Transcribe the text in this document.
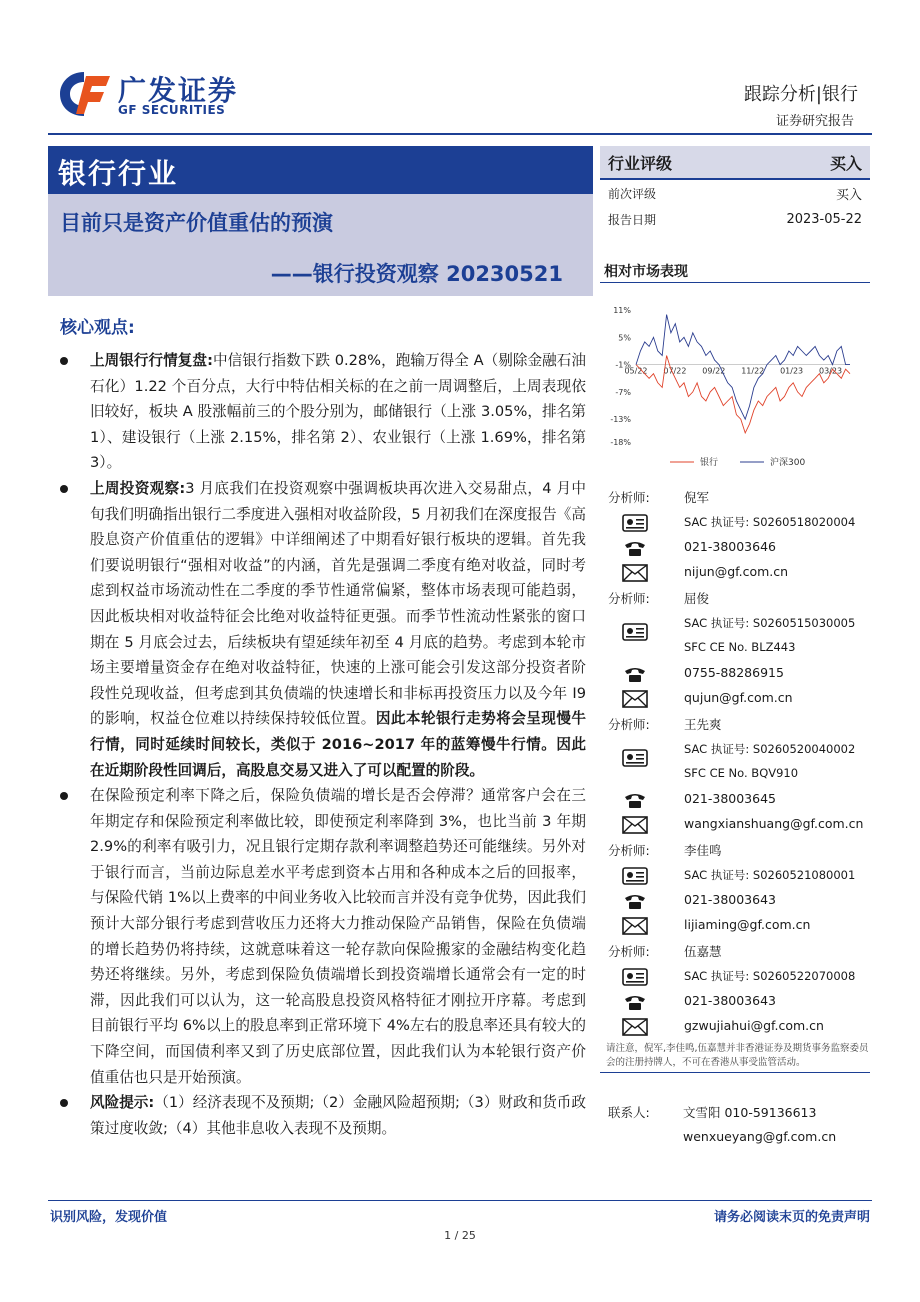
广发证券
GF SECURITIES
跟踪分析|银行
证券研究报告
银行行业
目前只是资产价值重估的预演
——银行投资观察 20230521
行业评级	买入
前次评级	买入
报告日期	2023-05-22
相对市场表现
11%
5%
-1%
-7%
-13%
-18%
05/22 07/22 09/22 11/22 01/23 03/23
银行	沪深300
分析师:	倪军
SAC 执证号: S0260518020004
021-38003646
nijun@gf.com.cn
分析师:	屈俊
SAC 执证号: S0260515030005
SFC CE No. BLZ443
0755-88286915
qujun@gf.com.cn
分析师:	王先爽
SAC 执证号: S0260520040002
SFC CE No. BQV910
021-38003645
wangxianshuang@gf.com.cn
分析师:	李佳鸣
SAC 执证号: S0260521080001
021-38003643
lijiaming@gf.com.cn
分析师:	伍嘉慧
SAC 执证号: S0260522070008
021-38003643
gzwujiahui@gf.com.cn
请注意，倪军,李佳鸣,伍嘉慧并非香港证券及期货事务监察委员会的注册持牌人，不可在香港从事受监管活动。
联系人:	文雪阳 010-59136613
wenxueyang@gf.com.cn
核心观点:

上周银行行情复盘:中信银行指数下跌 0.28%，跑输万得全 A（剔除金融石油石化）1.22 个百分点，大行中特估相关标的在之前一周调整后，上周表现依旧较好，板块 A 股涨幅前三的个股分别为，邮储银行（上涨 3.05%，排名第 1）、建设银行（上涨 2.15%，排名第 2）、农业银行（上涨 1.69%，排名第 3）。

上周投资观察:3 月底我们在投资观察中强调板块再次进入交易甜点，4 月中旬我们明确指出银行二季度进入强相对收益阶段，5 月初我们在深度报告《高股息资产价值重估的逻辑》中详细阐述了中期看好银行板块的逻辑。首先我们要说明银行“强相对收益”的内涵，首先是强调二季度有绝对收益，同时考虑到权益市场流动性在二季度的季节性通常偏紧，整体市场表现可能趋弱，因此板块相对收益特征会比绝对收益特征更强。而季节性流动性紧张的窗口期在 5 月底会过去，后续板块有望延续年初至 4 月底的趋势。考虑到本轮市场主要增量资金存在绝对收益特征，快速的上涨可能会引发这部分投资者阶段性兑现收益，但考虑到其负债端的快速增长和非标再投资压力以及今年 I9 的影响，权益仓位难以持续保持较低位置。因此本轮银行走势将会呈现慢牛行情，同时延续时间较长，类似于 2016~2017 年的蓝筹慢牛行情。因此在近期阶段性回调后，高股息交易又进入了可以配置的阶段。

在保险预定利率下降之后，保险负债端的增长是否会停滞？通常客户会在三年期定存和保险预定利率做比较，即使预定利率降到 3%，也比当前 3 年期 2.9%的利率有吸引力，况且银行定期存款利率调整趋势还可能继续。另外对于银行而言，当前边际息差水平考虑到资本占用和各种成本之后的回报率，与保险代销 1%以上费率的中间业务收入比较而言并没有竞争优势，因此我们预计大部分银行考虑到营收压力还将大力推动保险产品销售，保险在负债端的增长趋势仍将持续，这就意味着这一轮存款向保险搬家的金融结构变化趋势还将继续。另外，考虑到保险负债端增长到投资端增长通常会有一定的时滞，因此我们可以认为，这一轮高股息投资风格特征才刚拉开序幕。考虑到目前银行平均 6%以上的股息率到正常环境下 4%左右的股息率还具有较大的下降空间，而国债利率又到了历史底部位置，因此我们认为本轮银行资产价值重估也只是开始预演。

风险提示:（1）经济表现不及预期;（2）金融风险超预期;（3）财政和货币政策过度收敛;（4）其他非息收入表现不及预期。

识别风险，发现价值	请务必阅读末页的免责声明
1 / 25
